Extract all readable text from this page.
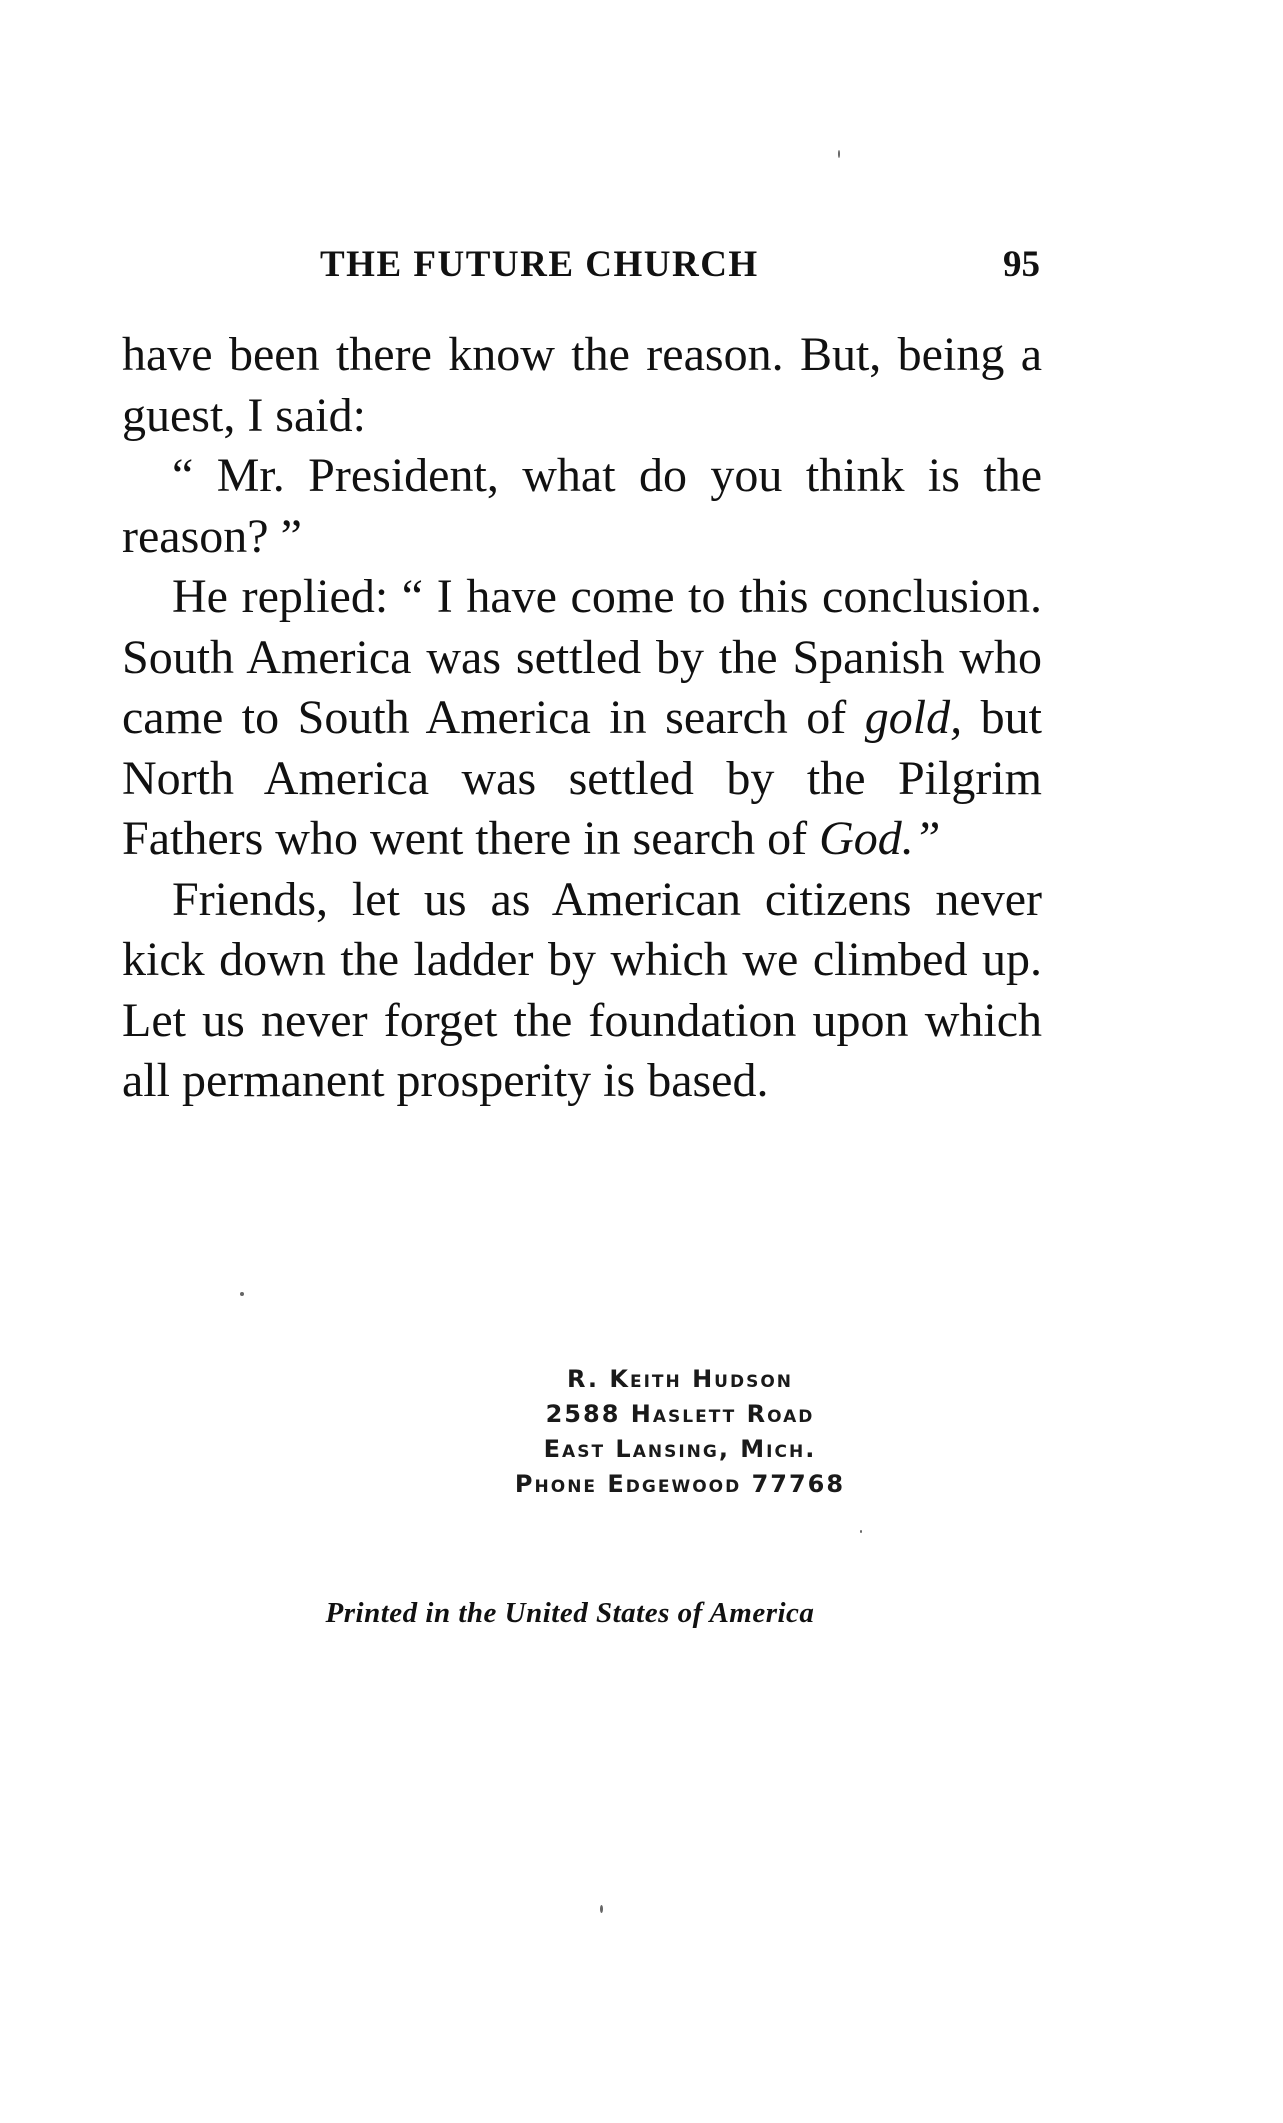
THE FUTURE CHURCH	95

have been there know the reason. But, being a guest, I said:

“ Mr. President, what do you think is the reason? ”

He replied: “ I have come to this conclusion. South America was settled by the Spanish who came to South America in search of gold, but North America was settled by the Pilgrim Fathers who went there in search of God.”

Friends, let us as American citizens never kick down the ladder by which we climbed up. Let us never forget the foundation upon which all permanent prosperity is based.

R. Keith Hudson
2588 Haslett Road
East Lansing, Mich.
Phone Edgewood 77768
Printed in the United States of America
